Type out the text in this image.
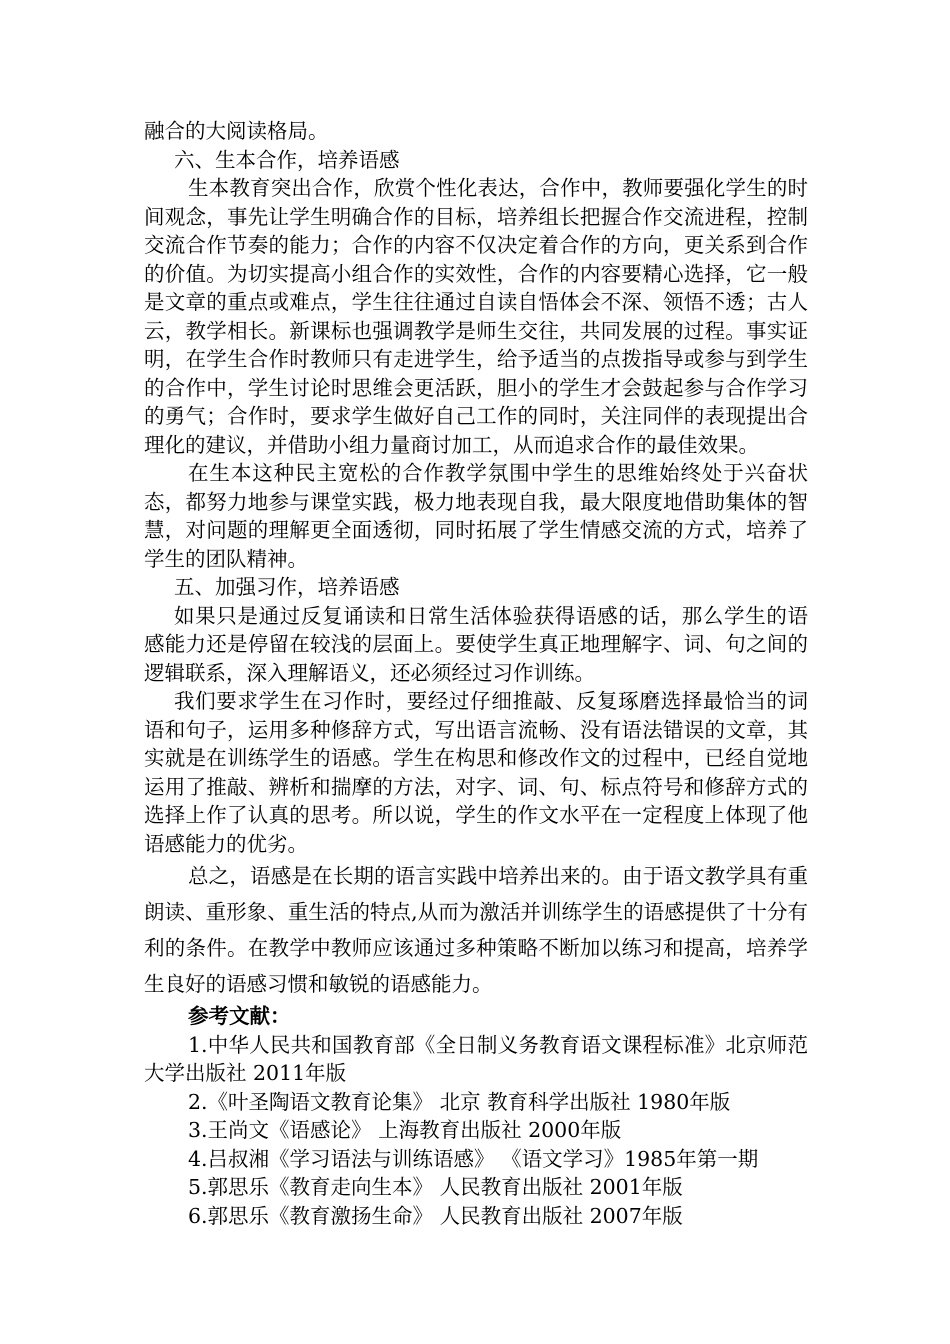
融合的大阅读格局。

六、生本合作，培养语感

生本教育突出合作，欣赏个性化表达，合作中，教师要强化学生的时间观念，事先让学生明确合作的目标，培养组长把握合作交流进程，控制交流合作节奏的能力；合作的内容不仅决定着合作的方向，更关系到合作的价值。为切实提高小组合作的实效性，合作的内容要精心选择，它一般是文章的重点或难点，学生往往通过自读自悟体会不深、领悟不透；古人云，教学相长。新课标也强调教学是师生交往，共同发展的过程。事实证明，在学生合作时教师只有走进学生，给予适当的点拨指导或参与到学生的合作中，学生讨论时思维会更活跃，胆小的学生才会鼓起参与合作学习的勇气；合作时，要求学生做好自己工作的同时，关注同伴的表现提出合理化的建议，并借助小组力量商讨加工，从而追求合作的最佳效果。

在生本这种民主宽松的合作教学氛围中学生的思维始终处于兴奋状态，都努力地参与课堂实践，极力地表现自我，最大限度地借助集体的智慧，对问题的理解更全面透彻，同时拓展了学生情感交流的方式，培养了学生的团队精神。

五、加强习作，培养语感

如果只是通过反复诵读和日常生活体验获得语感的话，那么学生的语感能力还是停留在较浅的层面上。要使学生真正地理解字、词、句之间的逻辑联系，深入理解语义，还必须经过习作训练。

我们要求学生在习作时，要经过仔细推敲、反复琢磨选择最恰当的词语和句子，运用多种修辞方式，写出语言流畅、没有语法错误的文章，其实就是在训练学生的语感。学生在构思和修改作文的过程中，已经自觉地运用了推敲、辨析和揣摩的方法，对字、词、句、标点符号和修辞方式的选择上作了认真的思考。所以说，学生的作文水平在一定程度上体现了他语感能力的优劣。

总之，语感是在长期的语言实践中培养出来的。由于语文教学具有重朗读、重形象、重生活的特点,从而为激活并训练学生的语感提供了十分有利的条件。在教学中教师应该通过多种策略不断加以练习和提高，培养学生良好的语感习惯和敏锐的语感能力。

参考文献：

1.中华人民共和国教育部《全日制义务教育语文课程标准》北京师范大学出版社 2011年版

2.《叶圣陶语文教育论集》 北京 教育科学出版社 1980年版

3.王尚文《语感论》 上海教育出版社 2000年版

4.吕叔湘《学习语法与训练语感》 《语文学习》1985年第一期

5.郭思乐《教育走向生本》 人民教育出版社 2001年版

6.郭思乐《教育激扬生命》 人民教育出版社 2007年版
